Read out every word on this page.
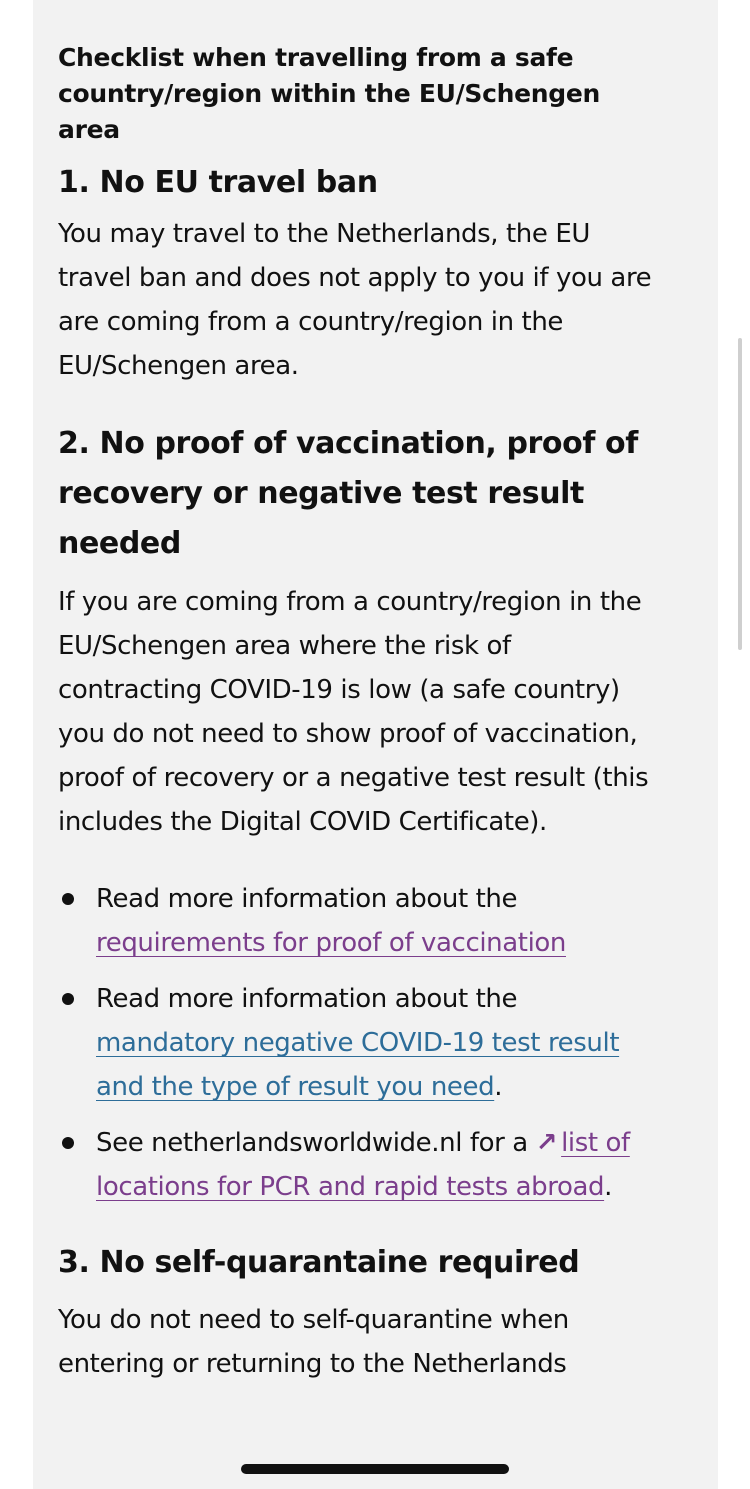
Checklist when travelling from a safe country/region within the EU/Schengen area
1. No EU travel ban

You may travel to the Netherlands, the EU travel ban and does not apply to you if you are are coming from a country/region in the EU/Schengen area.

2. No proof of vaccination, proof of recovery or negative test result needed

If you are coming from a country/region in the EU/Schengen area where the risk of contracting COVID-19 is low (a safe country) you do not need to show proof of vaccination, proof of recovery or a negative test result (this includes the Digital COVID Certificate).

Read more information about the requirements for proof of vaccination
Read more information about the mandatory negative COVID-19 test result and the type of result you need.
See netherlandsworldwide.nl for a ↗ list of locations for PCR and rapid tests abroad.
3. No self-quarantaine required

You do not need to self-quarantine when entering or returning to the Netherlands
